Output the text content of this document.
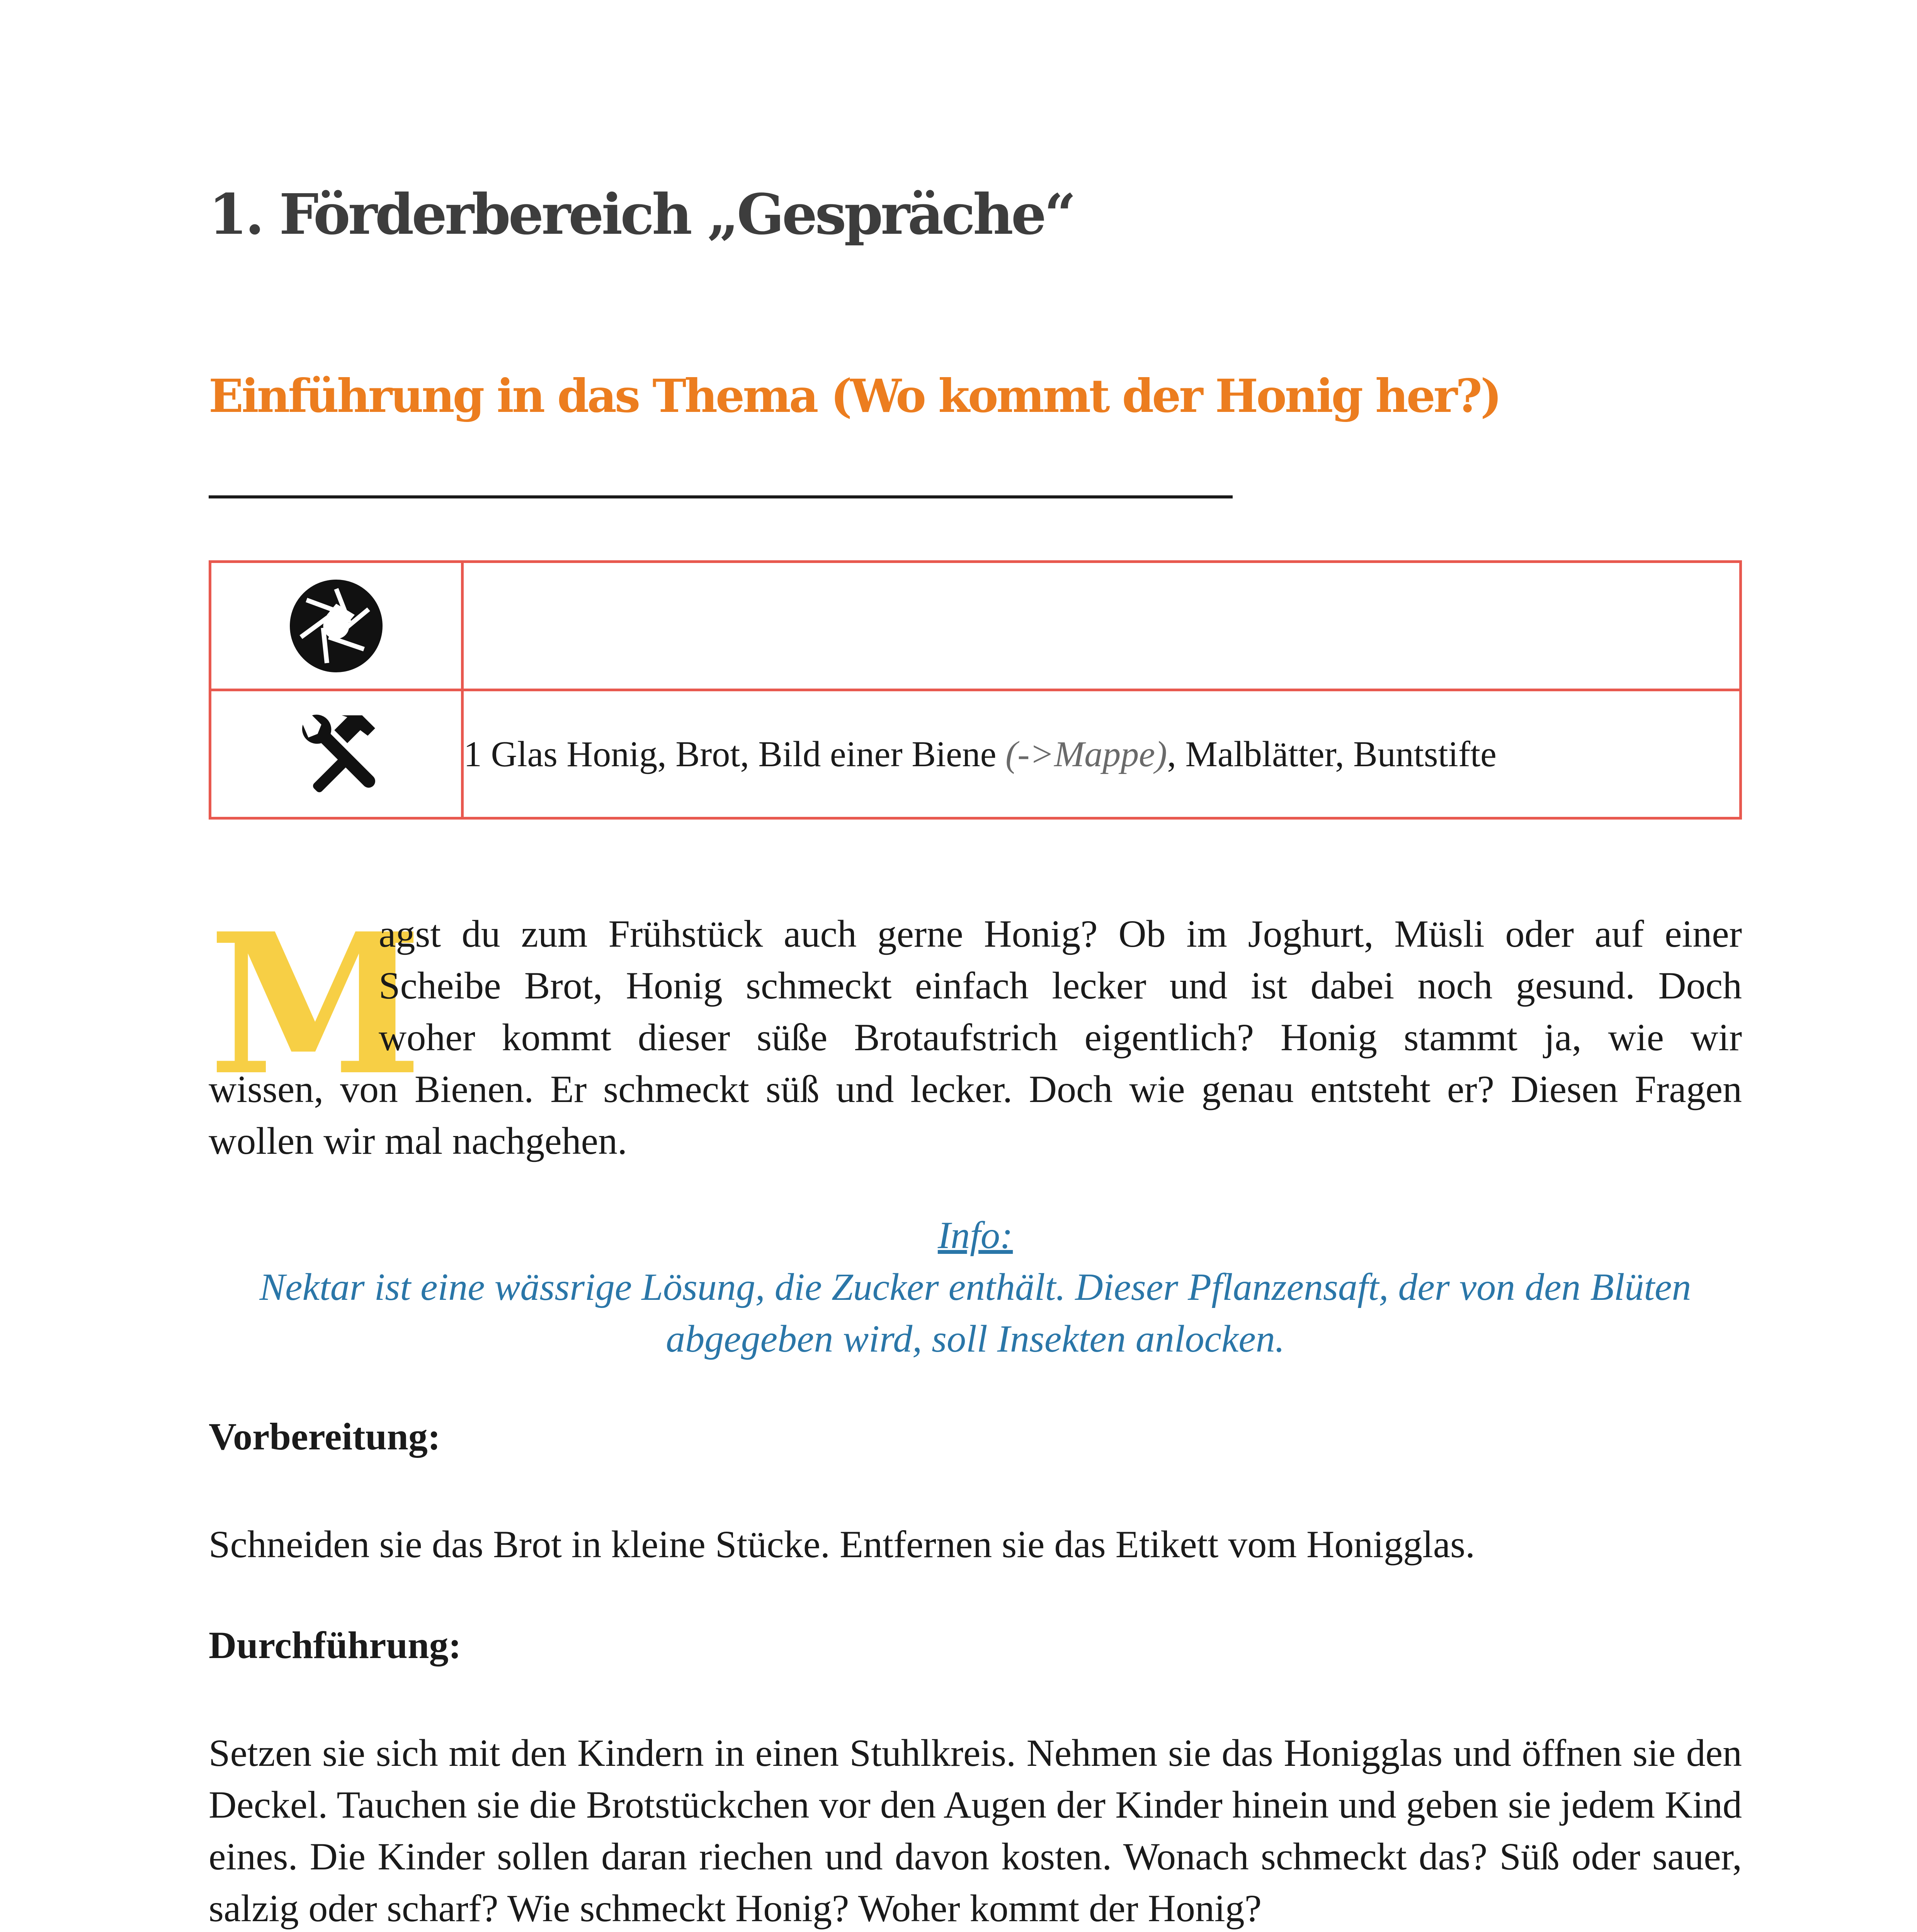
1. Förderbereich „Gespräche“
Einführung in das Thema (Wo kommt der Honig her?)

	1 Glas Honig, Brot, Bild einer Biene (->Mappe), Malblätter, Buntstifte
M

agst du zum Frühstück auch gerne Honig? Ob im Joghurt, Müsli oder auf einer

Scheibe Brot, Honig schmeckt einfach lecker und ist dabei noch gesund. Doch

woher kommt dieser süße Brotaufstrich eigentlich? Honig stammt ja, wie wir

wissen, von Bienen. Er schmeckt süß und lecker. Doch wie genau entsteht er? Diesen Fragen wollen wir mal nachgehen.

Info:
Nektar ist eine wässrige Lösung, die Zucker enthält. Dieser Pflanzensaft, der von den Blüten abgegeben wird, soll Insekten anlocken.

Vorbereitung:

Schneiden sie das Brot in kleine Stücke. Entfernen sie das Etikett vom Honigglas.

Durchführung:

Setzen sie sich mit den Kindern in einen Stuhlkreis. Nehmen sie das Honigglas und öffnen sie den Deckel. Tauchen sie die Brotstückchen vor den Augen der Kinder hinein und geben sie jedem Kind eines. Die Kinder sollen daran riechen und davon kosten. Wonach schmeckt das? Süß oder sauer, salzig oder scharf? Wie schmeckt Honig? Woher kommt der Honig?
